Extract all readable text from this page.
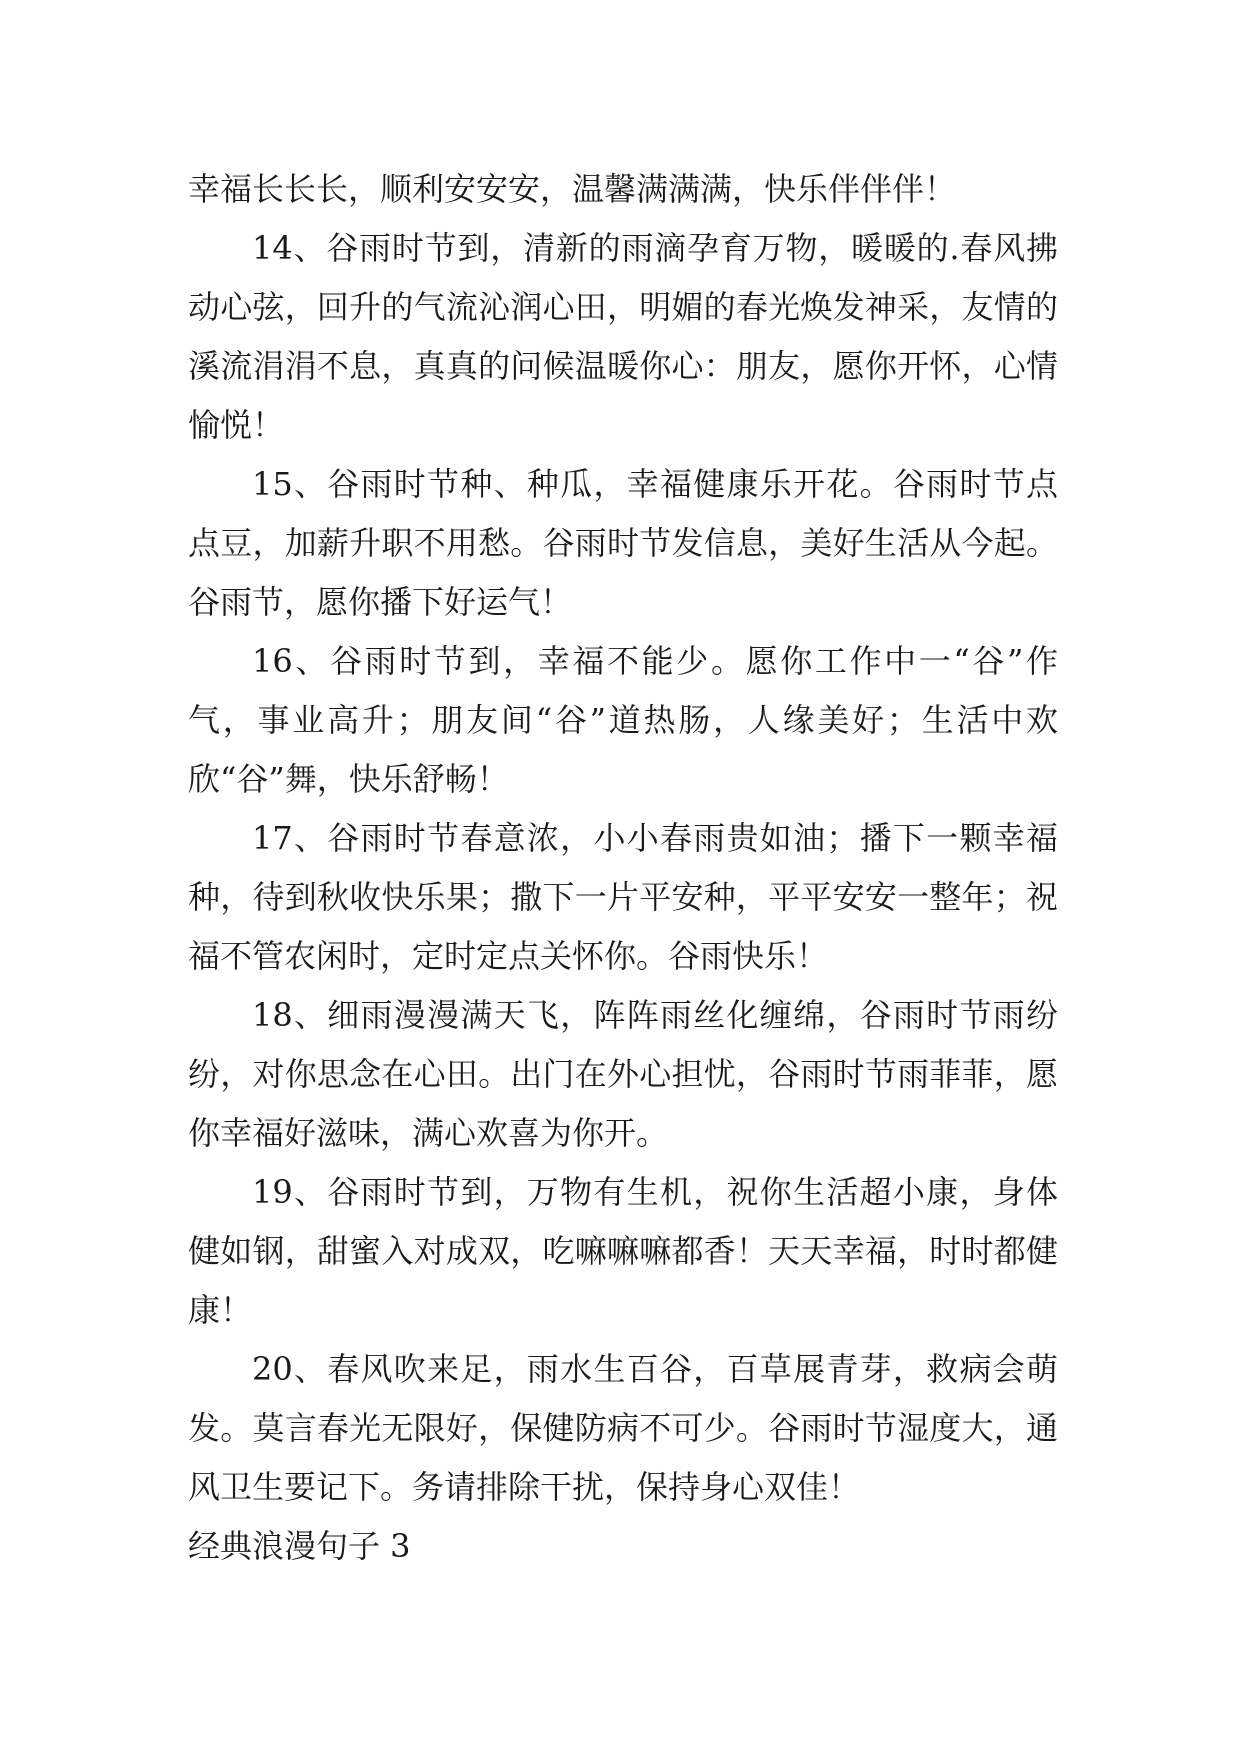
幸福长长长，顺利安安安，温馨满满满，快乐伴伴伴！

14、谷雨时节到，清新的雨滴孕育万物，暖暖的.春风拂动心弦，回升的气流沁润心田，明媚的春光焕发神采，友情的溪流涓涓不息，真真的问候温暖你心：朋友，愿你开怀，心情愉悦！

15、谷雨时节种、种瓜，幸福健康乐开花。谷雨时节点点豆，加薪升职不用愁。谷雨时节发信息，美好生活从今起。谷雨节，愿你播下好运气！

16、谷雨时节到，幸福不能少。愿你工作中一“谷”作气，事业高升；朋友间“谷”道热肠，人缘美好；生活中欢欣“谷”舞，快乐舒畅！

17、谷雨时节春意浓，小小春雨贵如油；播下一颗幸福种，待到秋收快乐果；撒下一片平安种，平平安安一整年；祝福不管农闲时，定时定点关怀你。谷雨快乐！

18、细雨漫漫满天飞，阵阵雨丝化缠绵，谷雨时节雨纷纷，对你思念在心田。出门在外心担忧，谷雨时节雨菲菲，愿你幸福好滋味，满心欢喜为你开。

19、谷雨时节到，万物有生机，祝你生活超小康，身体健如钢，甜蜜入对成双，吃嘛嘛嘛都香！天天幸福，时时都健康！

20、春风吹来足，雨水生百谷，百草展青芽，救病会萌发。莫言春光无限好，保健防病不可少。谷雨时节湿度大，通风卫生要记下。务请排除干扰，保持身心双佳！

经典浪漫句子 3
